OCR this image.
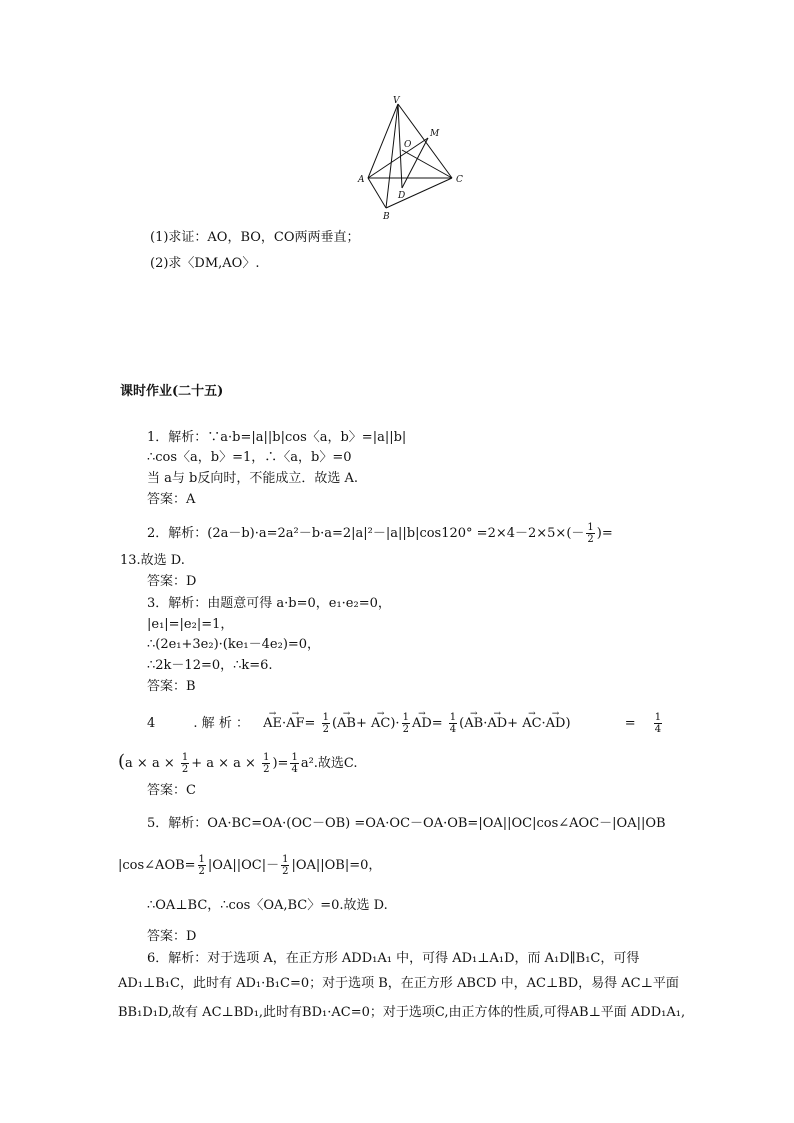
V
M
O
A	C
D
B
(1)求证：AO，BO，CO两两垂直；
(2)求〈DM,AO〉.
课时作业(二十五)
1．解析：∵a·b=|a||b|cos〈a，b〉=|a||b|
∴cos〈a，b〉=1，∴〈a，b〉=0
当 a与 b反向时，不能成立．故选 A.
答案：A
2．解析：$(2a-b)\cdot a=2a^2-b\cdot a=2|a|^2-|a||b|\cos 120^\circ =2\times 4-2\times 5\times(- \frac{1}{2}$ )=
13.故选 D.
答案：D
3．解析：由题意可得 a·b=0，e₁·e₂=0，
|e₁|=|e₂|=1，
∴(2e₁+3e₂)·(ke₁－4e₂)=0，
∴2k－12=0，∴k=6.
答案：B
4	. 解 析 ： → $AE\cdot\to AF= \frac{1}{2}$ (→ $AB+ \to AC)\cdot \frac{1}{2}$
→ $AD= \frac{1}{4}$ (→ AB·→ AD+ → AC·→ AD)	= $\frac{1}{4}$
($a \times a \times \frac{1}{2} + a \times a \times \frac{1}{2}$ )= $\frac{1}{4} a^2$.故选C.
答案：C
5．解析：OA·BC=OA·(OC－OB) =OA·OC－OA·OB=|OA||OC|cos∠AOC－|OA||OB
|cos∠AOB= $\frac{1}{2} |OA||OC|- \frac{1}{2} |OA||OB|=0$，
∴OA⊥BC，∴cos〈OA,BC〉=0.故选 D.
答案：D
6．解析：对于选项 A，在正方形 ADD₁A₁ 中，可得 AD₁⊥A₁D，而 A₁D∥B₁C，可得
AD₁⊥B₁C，此时有 AD₁·B₁C=0；对于选项 B，在正方形 ABCD 中，AC⊥BD，易得 AC⊥平面
BB₁D₁D,故有 AC⊥BD₁,此时有BD₁·AC=0；对于选项C,由正方体的性质,可得AB⊥平面 ADD₁A₁,
